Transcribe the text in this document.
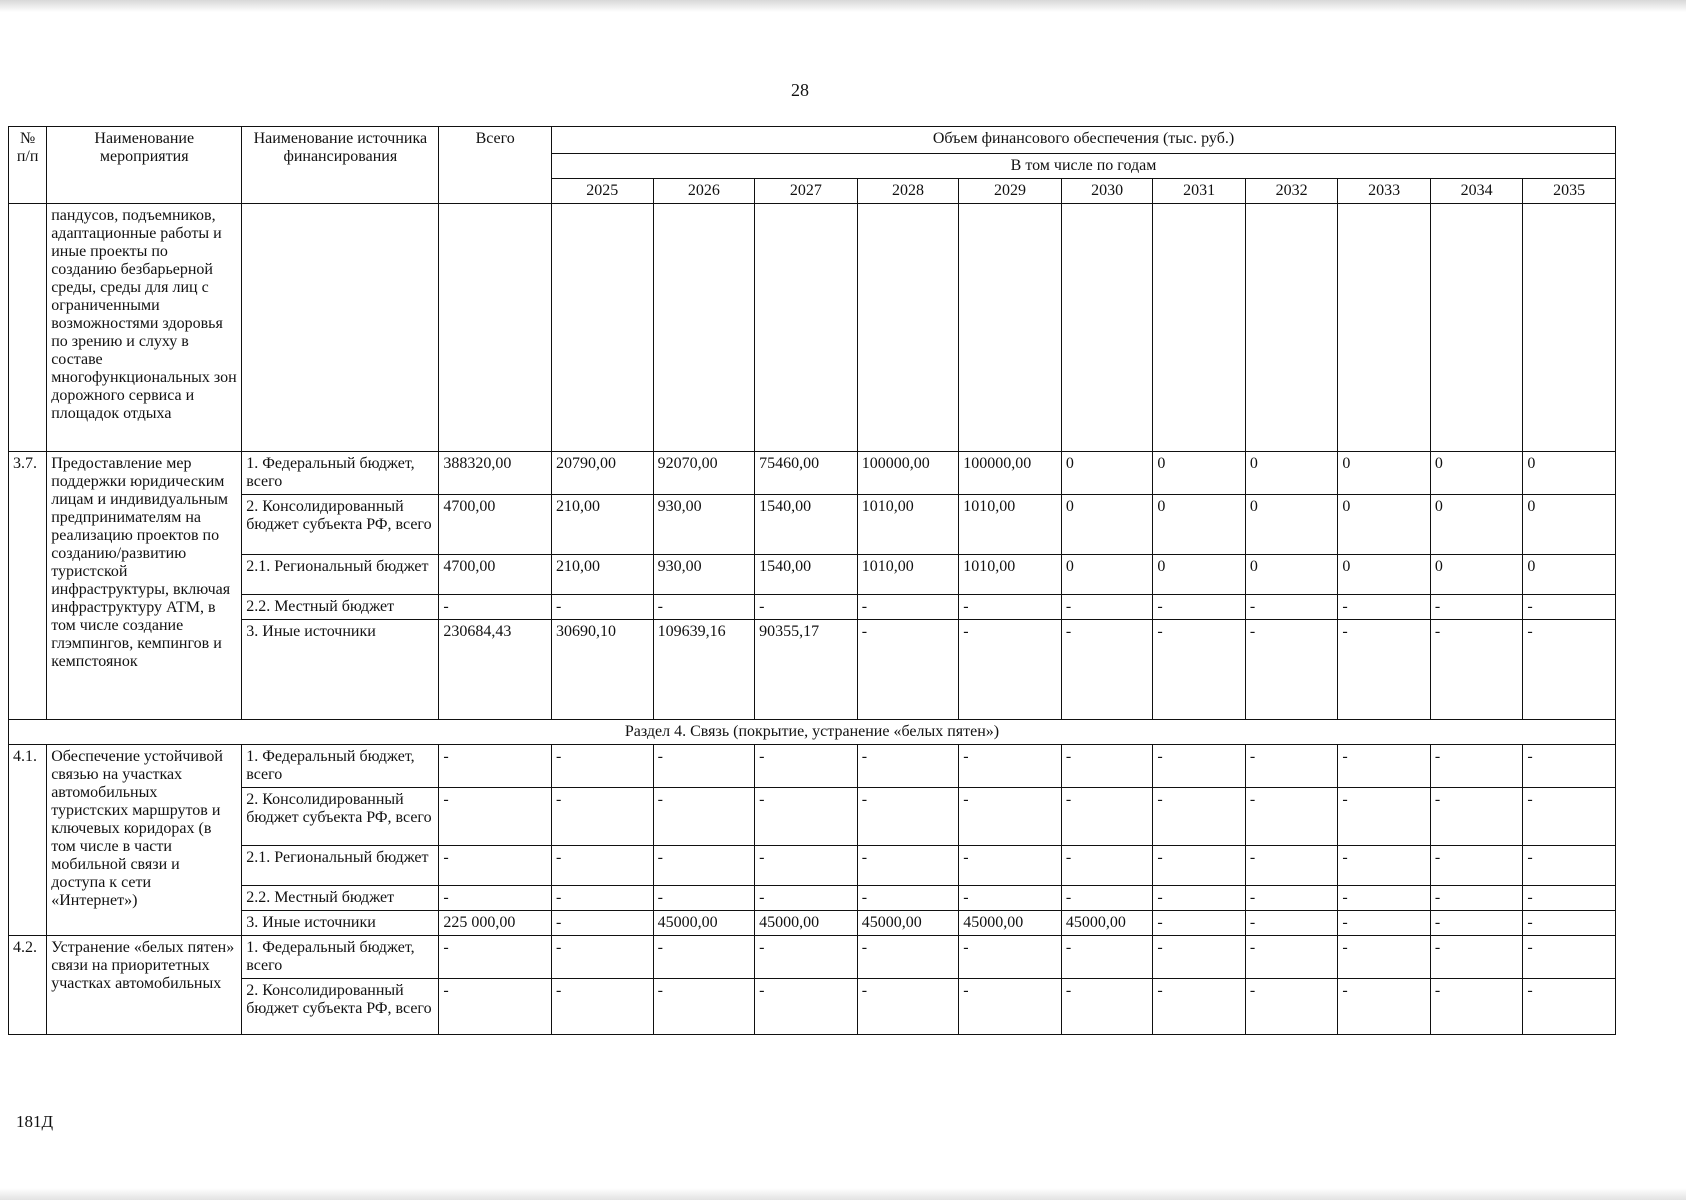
28
№ п/п	Наименование мероприятия	Наименование источника финансирования	Всего	Объем финансового обеспечения (тыс. руб.)										
				В том числе по годам										
				2025	2026	2027	2028	2029	2030	2031	2032	2033	2034	2035
	пандусов, подъемников, адаптационные работы и иные проекты по созданию безбарьерной среды, среды для лиц с ограниченными возможностями здоровья по зрению и слуху в составе многофункциональных зон дорожного сервиса и площадок отдыха													
3.7.	Предоставление мер поддержки юридическим лицам и индивидуальным предпринимателям на реализацию проектов по созданию/развитию туристской инфраструктуры, включая инфраструктуру АТМ, в том числе создание глэмпингов, кемпингов и кемпстоянок	1. Федеральный бюджет, всего	388320,00	20790,00	92070,00	75460,00	100000,00	100000,00	0	0	0	0	0	0
		2. Консолидированный бюджет субъекта РФ, всего	4700,00	210,00	930,00	1540,00	1010,00	1010,00	0	0	0	0	0	0
		2.1. Региональный бюджет	4700,00	210,00	930,00	1540,00	1010,00	1010,00	0	0	0	0	0	0
		2.2. Местный бюджет	-	-	-	-	-	-	-	-	-	-	-	-
		3. Иные источники	230684,43	30690,10	109639,16	90355,17	-	-	-	-	-	-	-	-
Раздел 4. Связь (покрытие, устранение «белых пятен»)														
4.1.	Обеспечение устойчивой связью на участках автомобильных туристских маршрутов и ключевых коридорах (в том числе в части мобильной связи и доступа к сети «Интернет»)	1. Федеральный бюджет, всего	-	-	-	-	-	-	-	-	-	-	-	-
		2. Консолидированный бюджет субъекта РФ, всего	-	-	-	-	-	-	-	-	-	-	-	-
		2.1. Региональный бюджет	-	-	-	-	-	-	-	-	-	-	-	-
		2.2. Местный бюджет	-	-	-	-	-	-	-	-	-	-	-	-
		3. Иные источники	225 000,00	-	45000,00	45000,00	45000,00	45000,00	45000,00	-	-	-	-	-
4.2.	Устранение «белых пятен» связи на приоритетных участках автомобильных	1. Федеральный бюджет, всего	-	-	-	-	-	-	-	-	-	-	-	-
		2. Консолидированный бюджет субъекта РФ, всего	-	-	-	-	-	-	-	-	-	-	-	-
181Д
